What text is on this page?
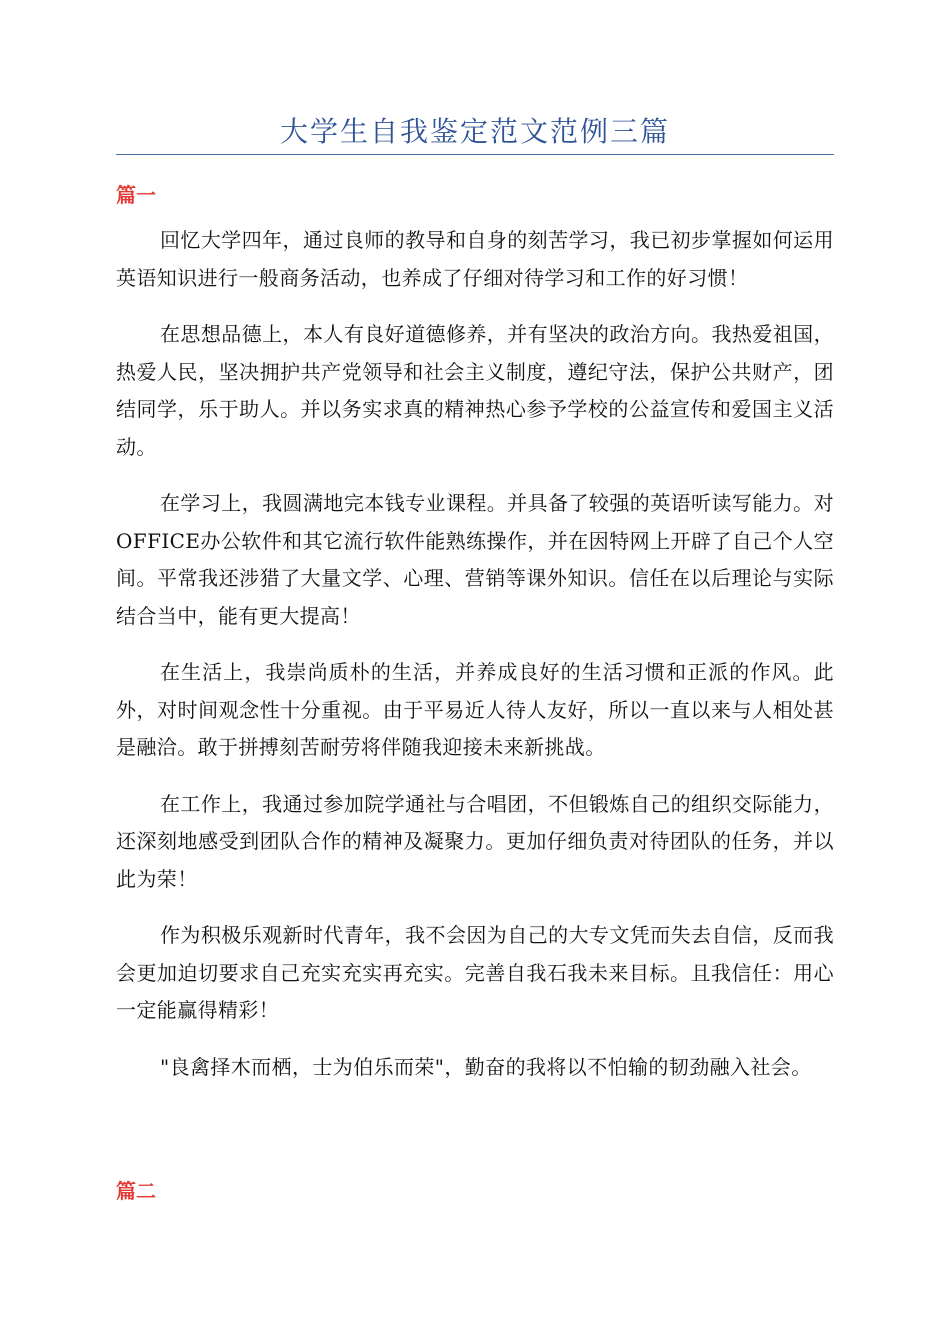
大学生自我鉴定范文范例三篇
篇一

回忆大学四年，通过良师的教导和自身的刻苦学习，我已初步掌握如何运用英语知识进行一般商务活动，也养成了仔细对待学习和工作的好习惯！

在思想品德上，本人有良好道德修养，并有坚决的政治方向。我热爱祖国，热爱人民，坚决拥护共产党领导和社会主义制度，遵纪守法，保护公共财产，团结同学，乐于助人。并以务实求真的精神热心参予学校的公益宣传和爱国主义活动。

在学习上，我圆满地完本钱专业课程。并具备了较强的英语听读写能力。对OFFICE办公软件和其它流行软件能熟练操作，并在因特网上开辟了自己个人空间。平常我还涉猎了大量文学、心理、营销等课外知识。信任在以后理论与实际结合当中，能有更大提高！

在生活上，我崇尚质朴的生活，并养成良好的生活习惯和正派的作风。此外，对时间观念性十分重视。由于平易近人待人友好，所以一直以来与人相处甚是融洽。敢于拼搏刻苦耐劳将伴随我迎接未来新挑战。

在工作上，我通过参加院学通社与合唱团，不但锻炼自己的组织交际能力，还深刻地感受到团队合作的精神及凝聚力。更加仔细负责对待团队的任务，并以此为荣！

作为积极乐观新时代青年，我不会因为自己的大专文凭而失去自信，反而我会更加迫切要求自己充实充实再充实。完善自我石我未来目标。且我信任：用心一定能赢得精彩！

"良禽择木而栖，士为伯乐而荣"，勤奋的我将以不怕输的韧劲融入社会。

篇二
